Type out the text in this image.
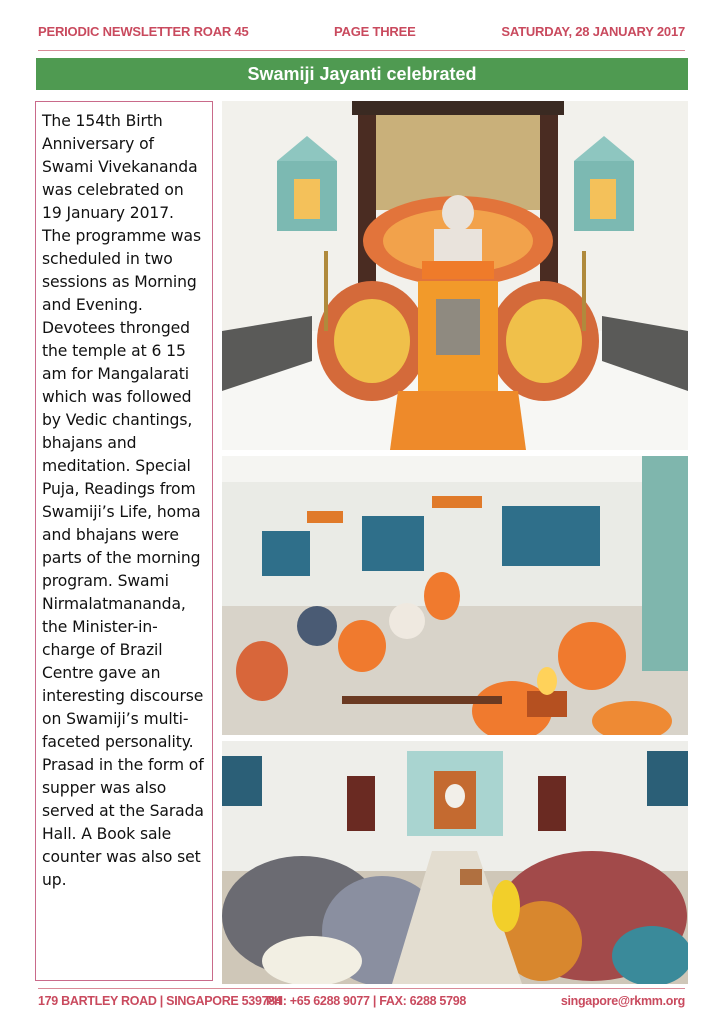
PERIODIC NEWSLETTER ROAR 45	PAGE THREE	SATURDAY, 28 JANUARY 2017
Swamiji Jayanti celebrated

The 154th Birth Anniversary of Swami Vivekananda was celebrated on 19 January 2017. The programme was scheduled in two sessions as Morning and Evening. Devotees thronged the temple at 6 15 am for Mangalarati which was followed by Vedic chantings, bhajans and meditation. Special Puja, Readings from Swamiji’s Life, homa and bhajans were parts of the morning program. Swami Nirmalatmananda, the Minister-in-charge of Brazil Centre gave an interesting discourse on Swamiji’s multi-faceted personality. Prasad in the form of supper was also served at the Sarada Hall. A Book sale counter was also set up.

179 BARTLEY ROAD | SINGAPORE 539784
PH: +65 6288 9077 | FAX: 6288 5798	singapore@rkmm.org
